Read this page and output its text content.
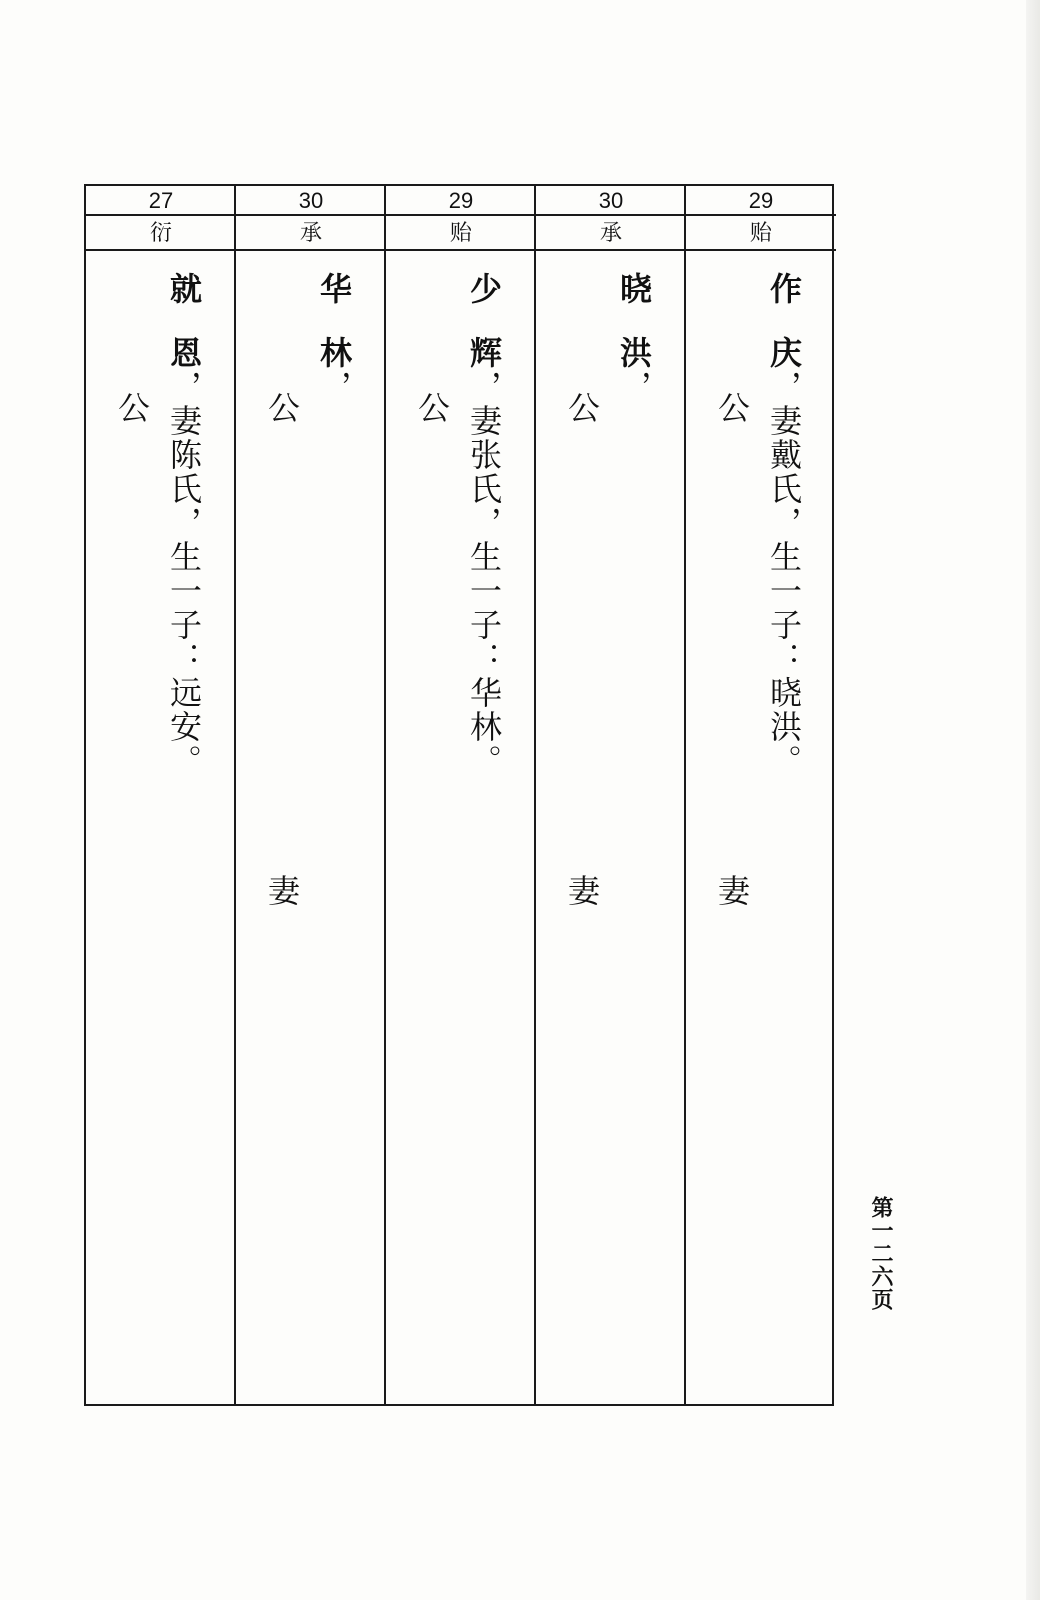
27
衍
就
恩，妻陈氏，生一子：远安。
公
30
承
华
林，
公
妻
29
贻
少
辉，妻张氏，生一子：华林。
公
30
承
晓
洪，
公
妻
29
贻
作
庆，妻戴氏，生一子：晓洪。
公
妻
第一二六页
